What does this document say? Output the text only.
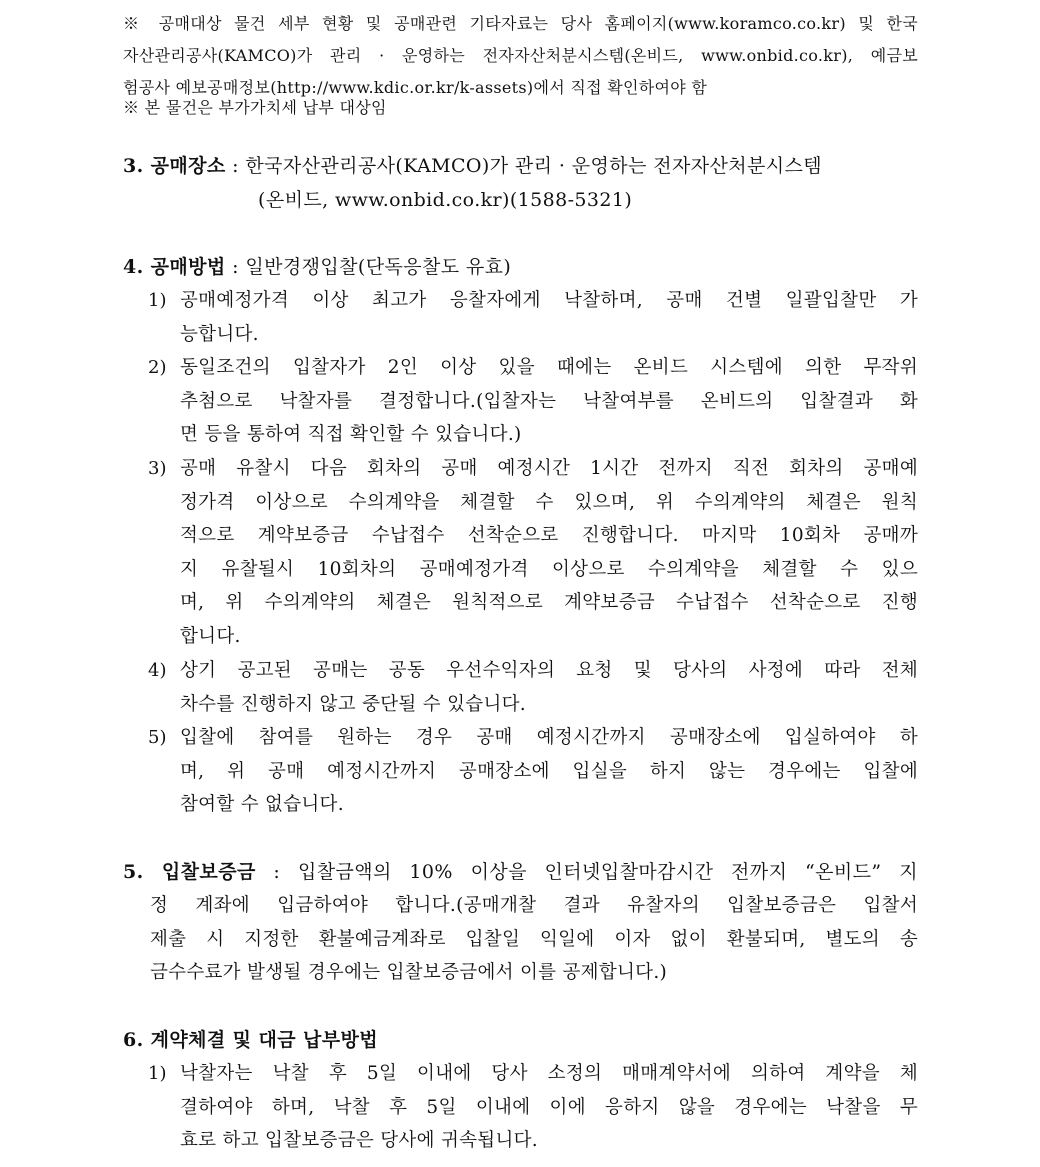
※ 공매대상 물건 세부 현황 및 공매관련 기타자료는 당사 홈페이지(www.koramco.co.kr) 및 한국
자산관리공사(KAMCO)가 관리 · 운영하는 전자자산처분시스템(온비드, www.onbid.co.kr), 예금보
험공사 예보공매정보(http://www.kdic.or.kr/k-assets)에서 직접 확인하여야 함
※ 본 물건은 부가가치세 납부 대상임
3. 공매장소 : 한국자산관리공사(KAMCO)가 관리 · 운영하는 전자자산처분시스템
(온비드, www.onbid.co.kr)(1588-5321)
4. 공매방법 : 일반경쟁입찰(단독응찰도 유효)
1) 공매예정가격 이상 최고가 응찰자에게 낙찰하며, 공매 건별 일괄입찰만 가
능합니다.
2) 동일조건의 입찰자가 2인 이상 있을 때에는 온비드 시스템에 의한 무작위
추첨으로 낙찰자를 결정합니다.(입찰자는 낙찰여부를 온비드의 입찰결과 화
면 등을 통하여 직접 확인할 수 있습니다.)
3) 공매 유찰시 다음 회차의 공매 예정시간 1시간 전까지 직전 회차의 공매예
정가격 이상으로 수의계약을 체결할 수 있으며, 위 수의계약의 체결은 원칙
적으로 계약보증금 수납접수 선착순으로 진행합니다. 마지막 10회차 공매까
지 유찰될시 10회차의 공매예정가격 이상으로 수의계약을 체결할 수 있으
며, 위 수의계약의 체결은 원칙적으로 계약보증금 수납접수 선착순으로 진행
합니다.
4) 상기 공고된 공매는 공동 우선수익자의 요청 및 당사의 사정에 따라 전체
차수를 진행하지 않고 중단될 수 있습니다.
5) 입찰에 참여를 원하는 경우 공매 예정시간까지 공매장소에 입실하여야 하
며, 위 공매 예정시간까지 공매장소에 입실을 하지 않는 경우에는 입찰에
참여할 수 없습니다.
5. 입찰보증금 : 입찰금액의 10% 이상을 인터넷입찰마감시간 전까지 “온비드” 지
정 계좌에 입금하여야 합니다.(공매개찰 결과 유찰자의 입찰보증금은 입찰서
제출 시 지정한 환불예금계좌로 입찰일 익일에 이자 없이 환불되며, 별도의 송
금수수료가 발생될 경우에는 입찰보증금에서 이를 공제합니다.)
6. 계약체결 및 대금 납부방법
1) 낙찰자는 낙찰 후 5일 이내에 당사 소정의 매매계약서에 의하여 계약을 체
결하여야 하며, 낙찰 후 5일 이내에 이에 응하지 않을 경우에는 낙찰을 무
효로 하고 입찰보증금은 당사에 귀속됩니다.
